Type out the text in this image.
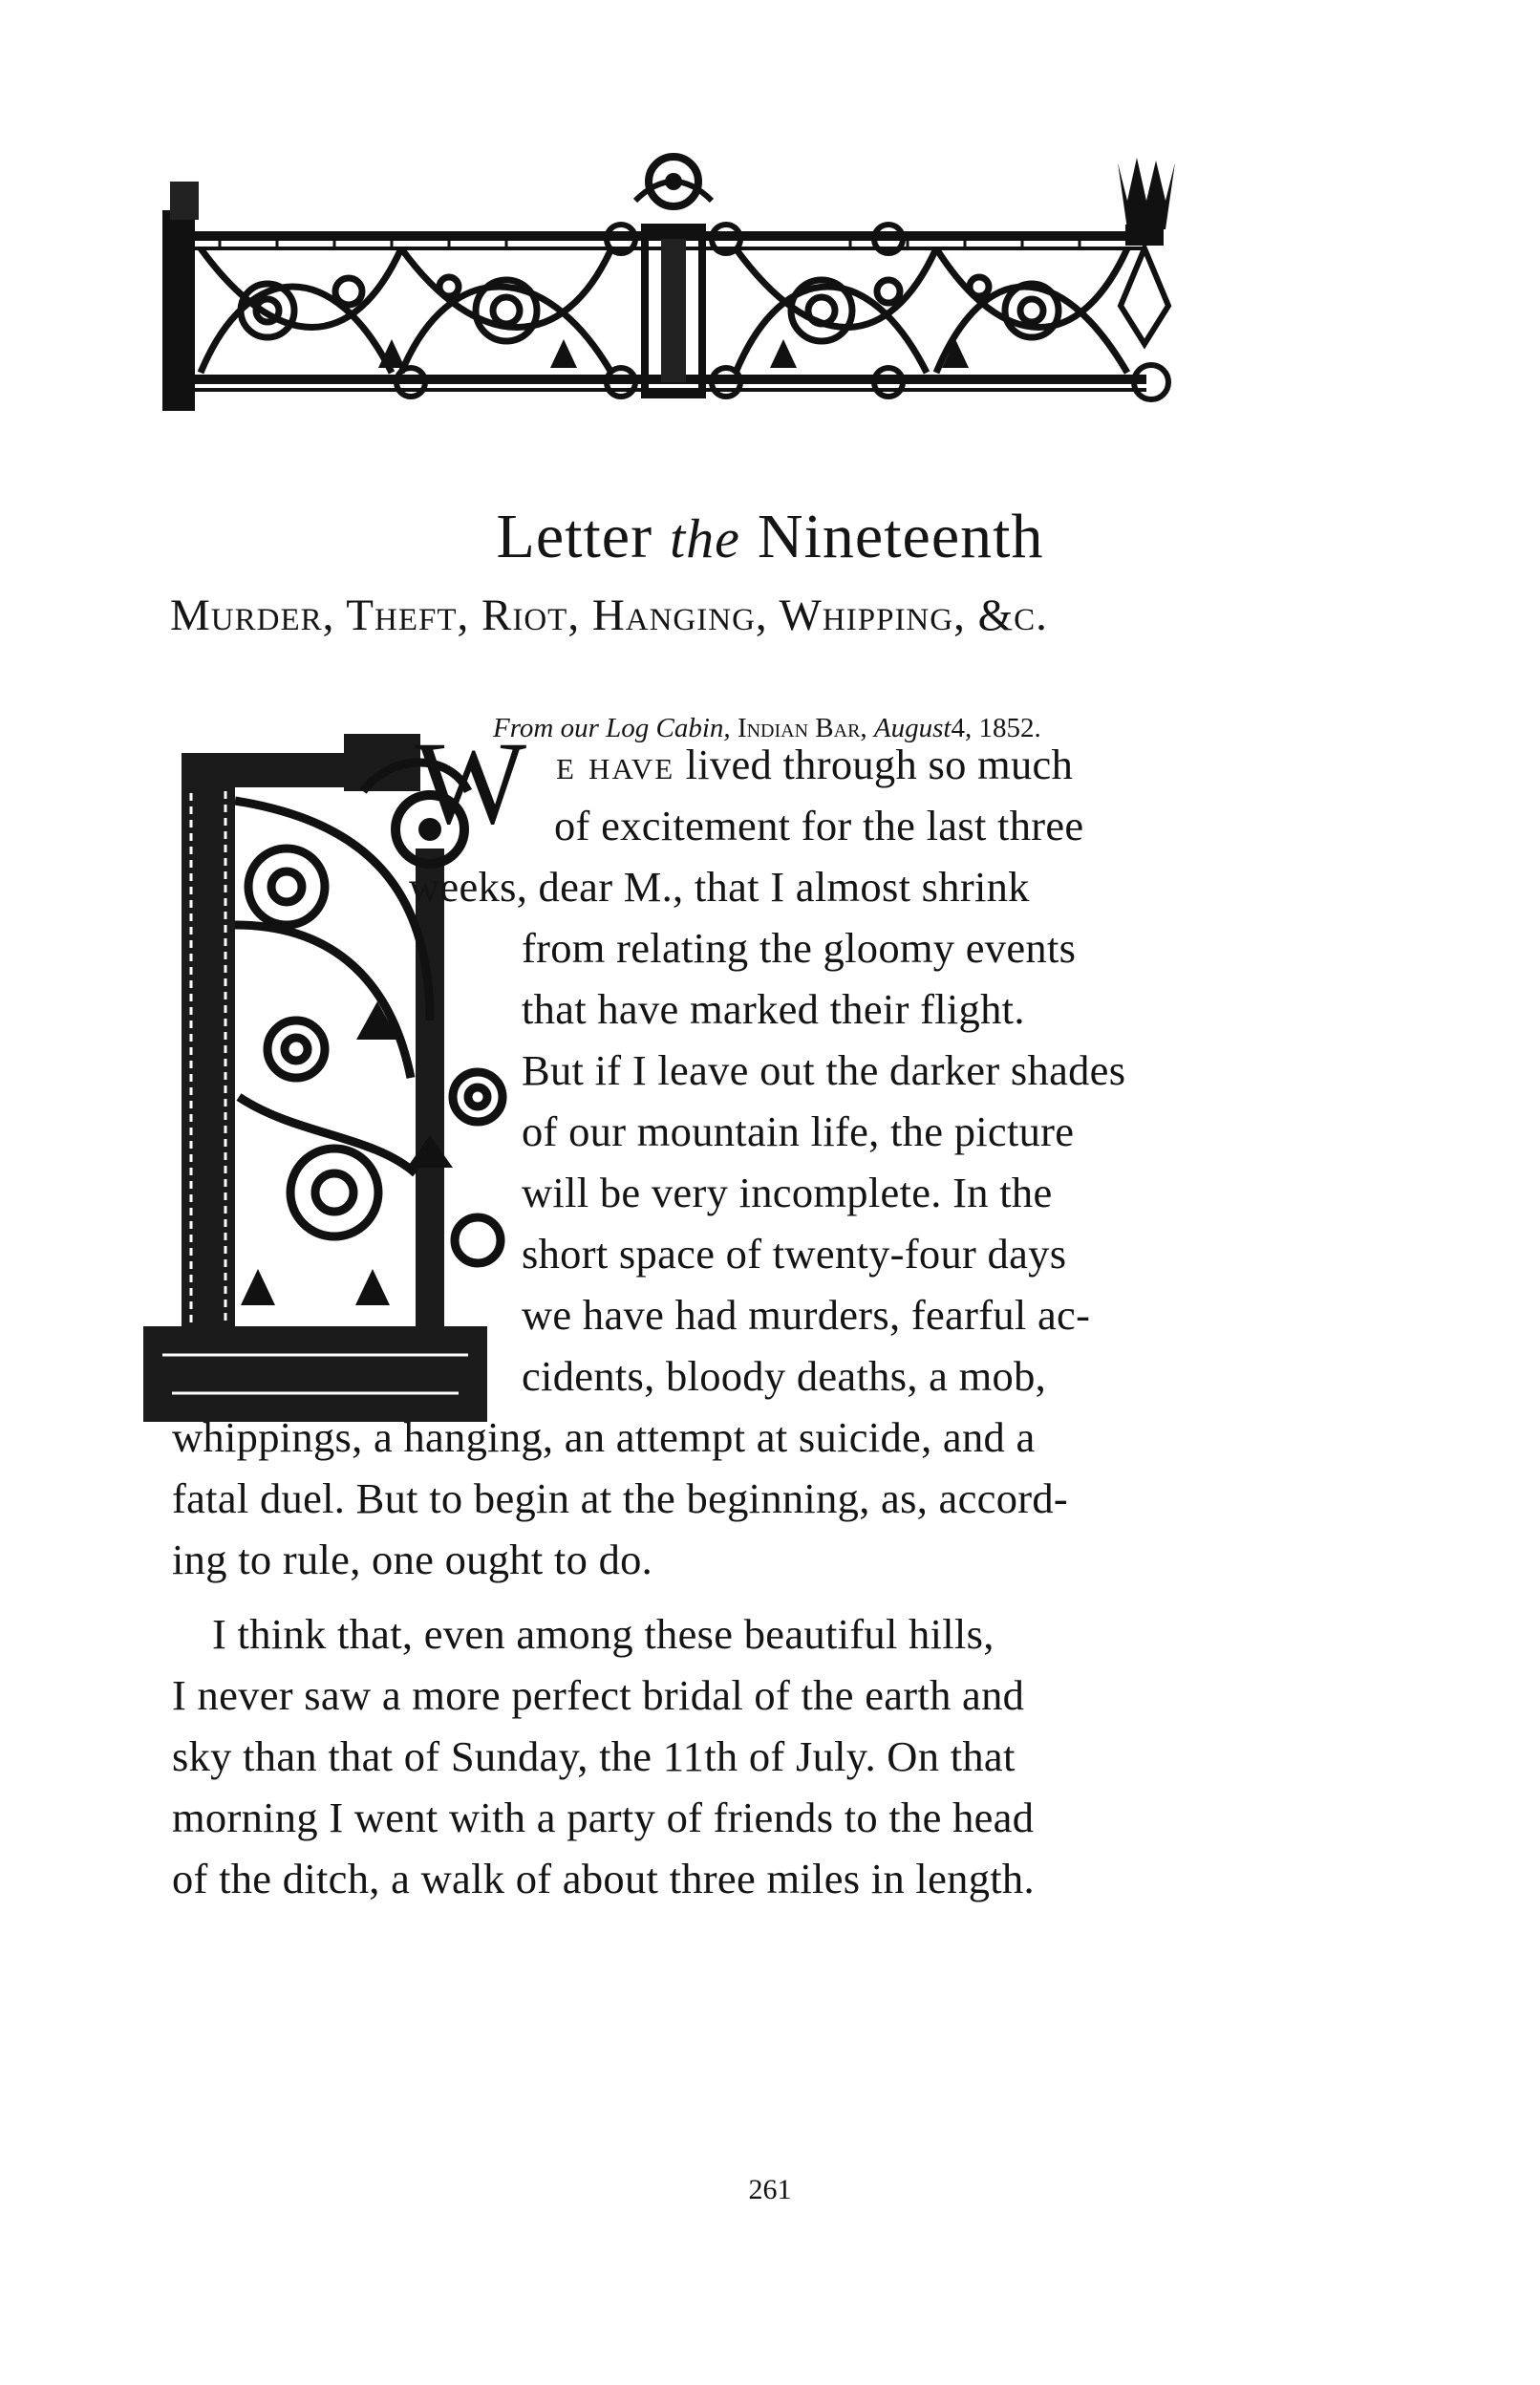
Letter the Nineteenth
Murder, Theft, Riot, Hanging, Whipping, &c.
From our Log Cabin, Indian Bar, August4, 1852.
W e have lived through so much
of excitement for the last three
weeks, dear M., that I almost shrink
from relating the gloomy events
that have marked their flight.
But if I leave out the darker shades
of our mountain life, the picture
will be very incomplete. In the
short space of twenty-four days
we have had murders, fearful ac-
cidents, bloody deaths, a mob,
whippings, a hanging, an attempt at suicide, and a
fatal duel. But to begin at the beginning, as, accord-
ing to rule, one ought to do.
I think that, even among these beautiful hills,
I never saw a more perfect bridal of the earth and
sky than that of Sunday, the 11th of July. On that
morning I went with a party of friends to the head
of the ditch, a walk of about three miles in length.
261
